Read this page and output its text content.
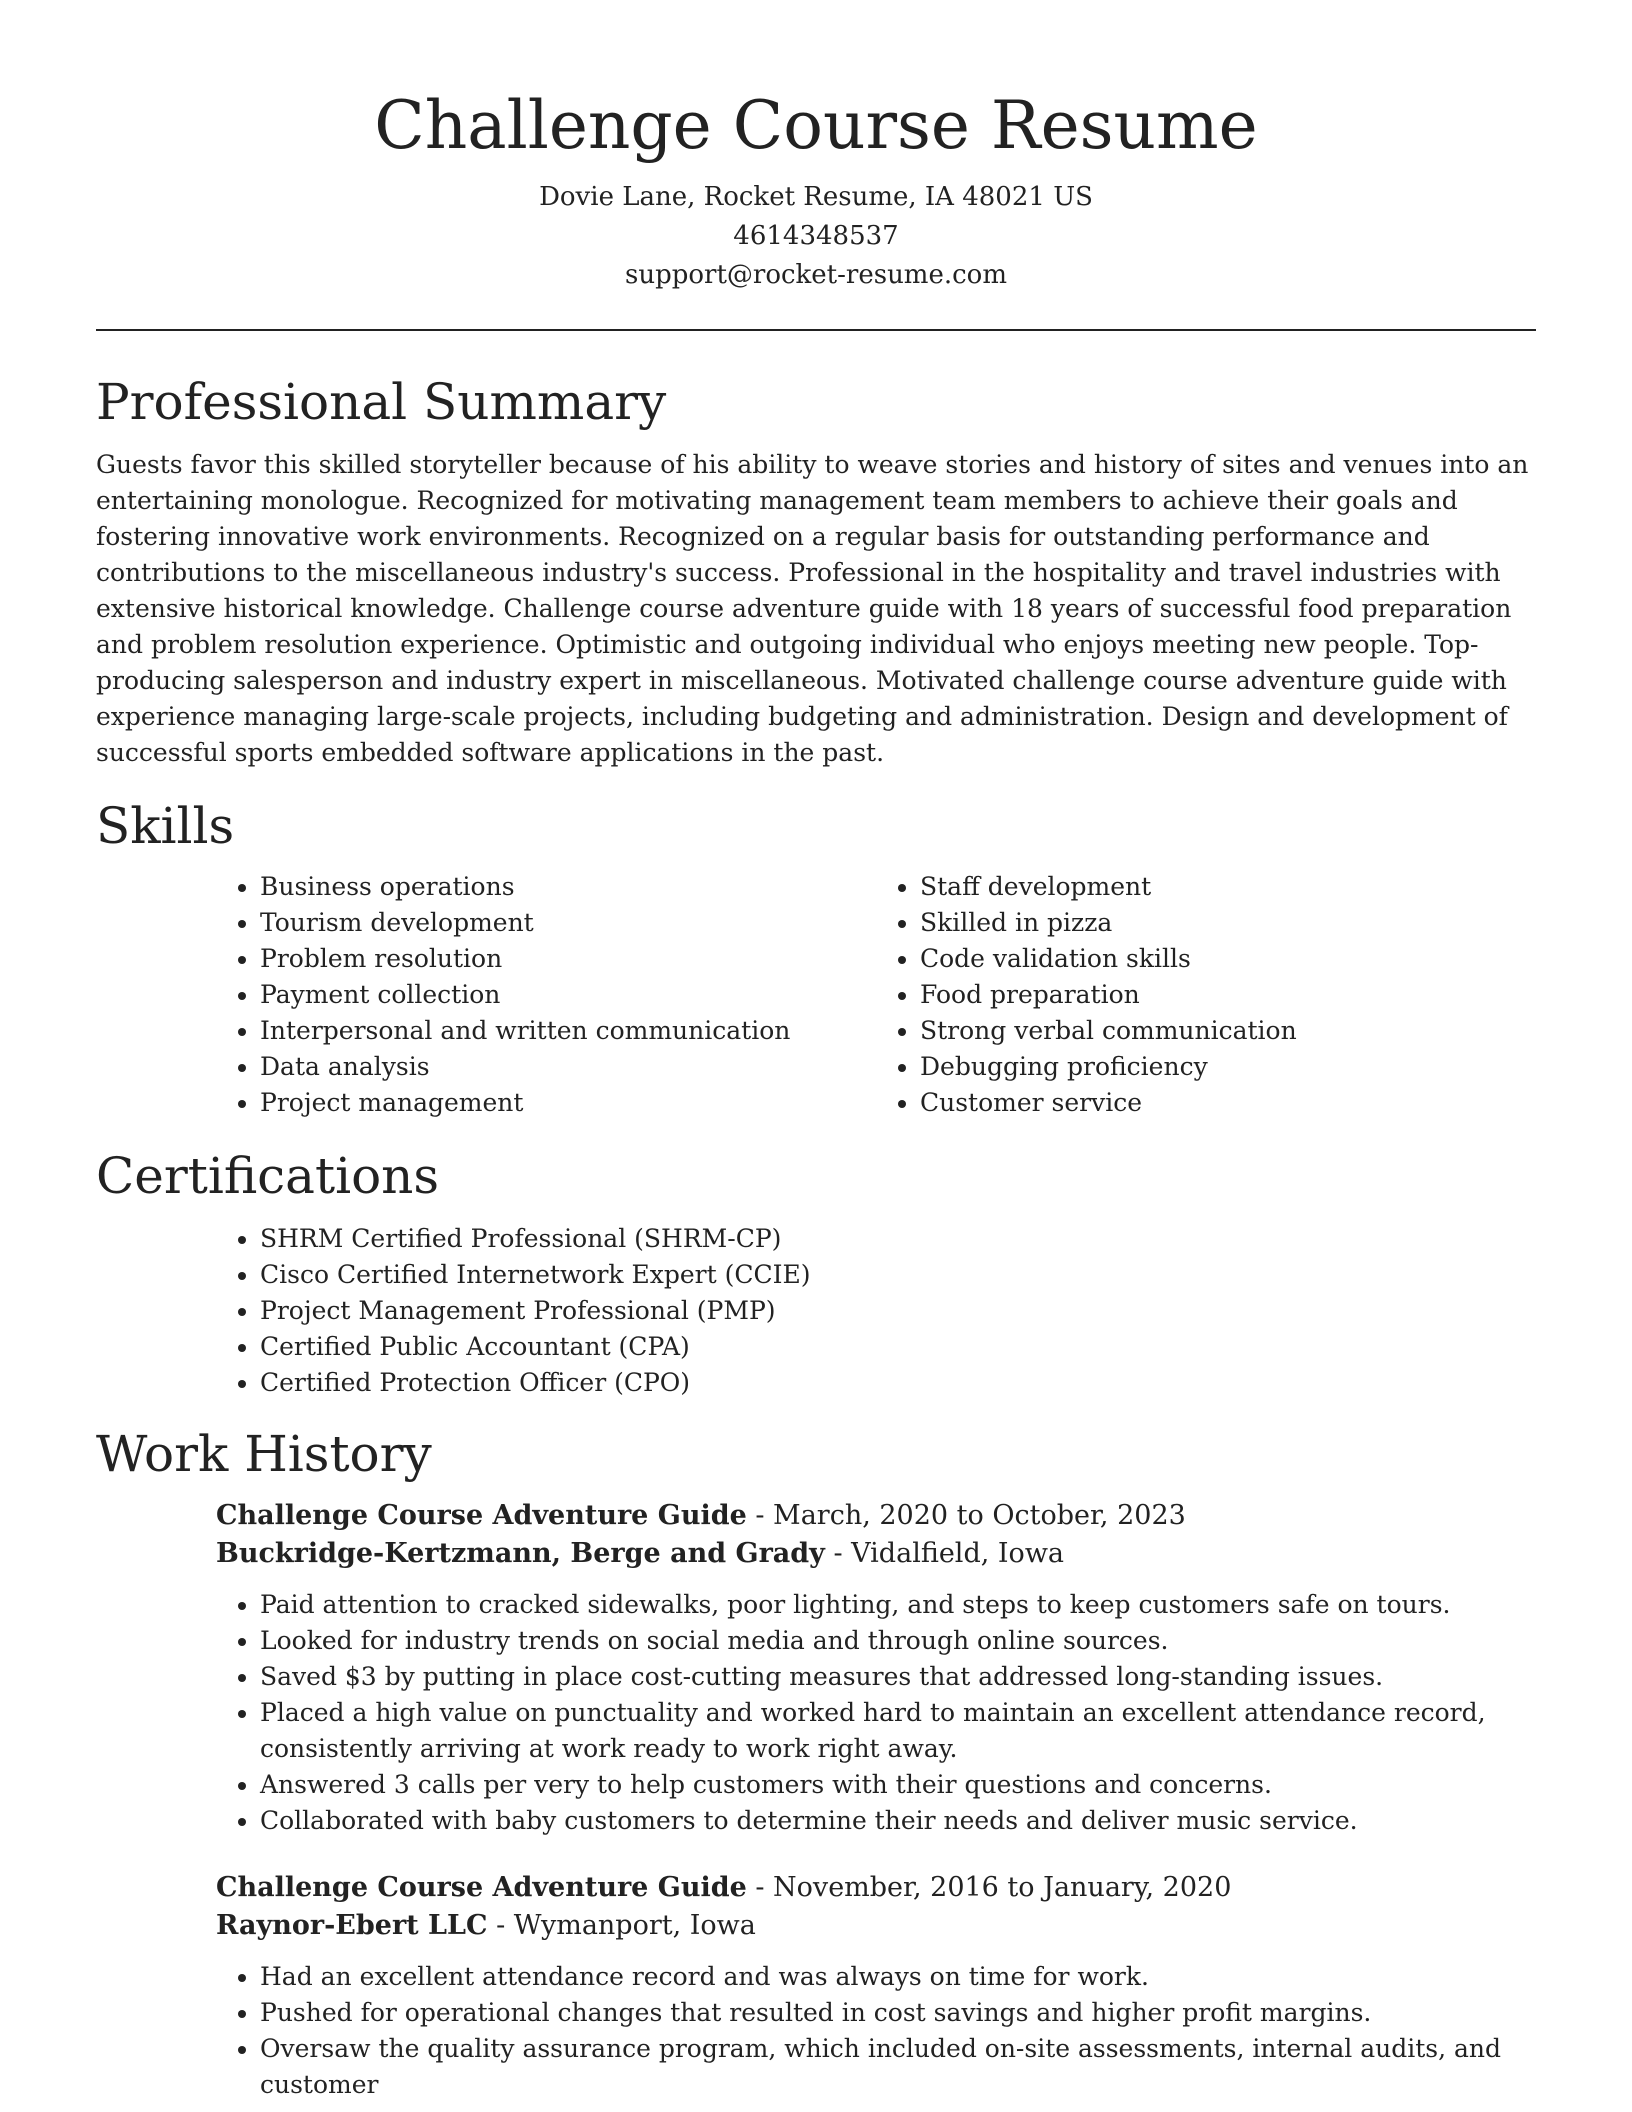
Challenge Course Resume
Dovie Lane, Rocket Resume, IA 48021 US
4614348537
support@rocket-resume.com
Professional Summary

Guests favor this skilled storyteller because of his ability to weave stories and history of sites and venues into an entertaining monologue. Recognized for motivating management team members to achieve their goals and fostering innovative work environments. Recognized on a regular basis for outstanding performance and contributions to the miscellaneous industry's success. Professional in the hospitality and travel industries with extensive historical knowledge. Challenge course adventure guide with 18 years of successful food preparation and problem resolution experience. Optimistic and outgoing individual who enjoys meeting new people. Top-producing salesperson and industry expert in miscellaneous. Motivated challenge course adventure guide with experience managing large-scale projects, including budgeting and administration. Design and development of successful sports embedded software applications in the past.

Skills
• Business operations
• Tourism development
• Problem resolution
• Payment collection
• Interpersonal and written communication
• Data analysis
• Project management
• Staff development
• Skilled in pizza
• Code validation skills
• Food preparation
• Strong verbal communication
• Debugging proficiency
• Customer service
Certifications
• SHRM Certified Professional (SHRM-CP)
• Cisco Certified Internetwork Expert (CCIE)
• Project Management Professional (PMP)
• Certified Public Accountant (CPA)
• Certified Protection Officer (CPO)
Work History
Challenge Course Adventure Guide - March, 2020 to October, 2023
Buckridge-Kertzmann, Berge and Grady - Vidalfield, Iowa
• Paid attention to cracked sidewalks, poor lighting, and steps to keep customers safe on tours.
• Looked for industry trends on social media and through online sources.
• Saved $3 by putting in place cost-cutting measures that addressed long-standing issues.
• Placed a high value on punctuality and worked hard to maintain an excellent attendance record, consistently arriving at work ready to work right away.
• Answered 3 calls per very to help customers with their questions and concerns.
• Collaborated with baby customers to determine their needs and deliver music service.
Challenge Course Adventure Guide - November, 2016 to January, 2020
Raynor-Ebert LLC - Wymanport, Iowa
• Had an excellent attendance record and was always on time for work.
• Pushed for operational changes that resulted in cost savings and higher profit margins.
• Oversaw the quality assurance program, which included on-site assessments, internal audits, and customer
